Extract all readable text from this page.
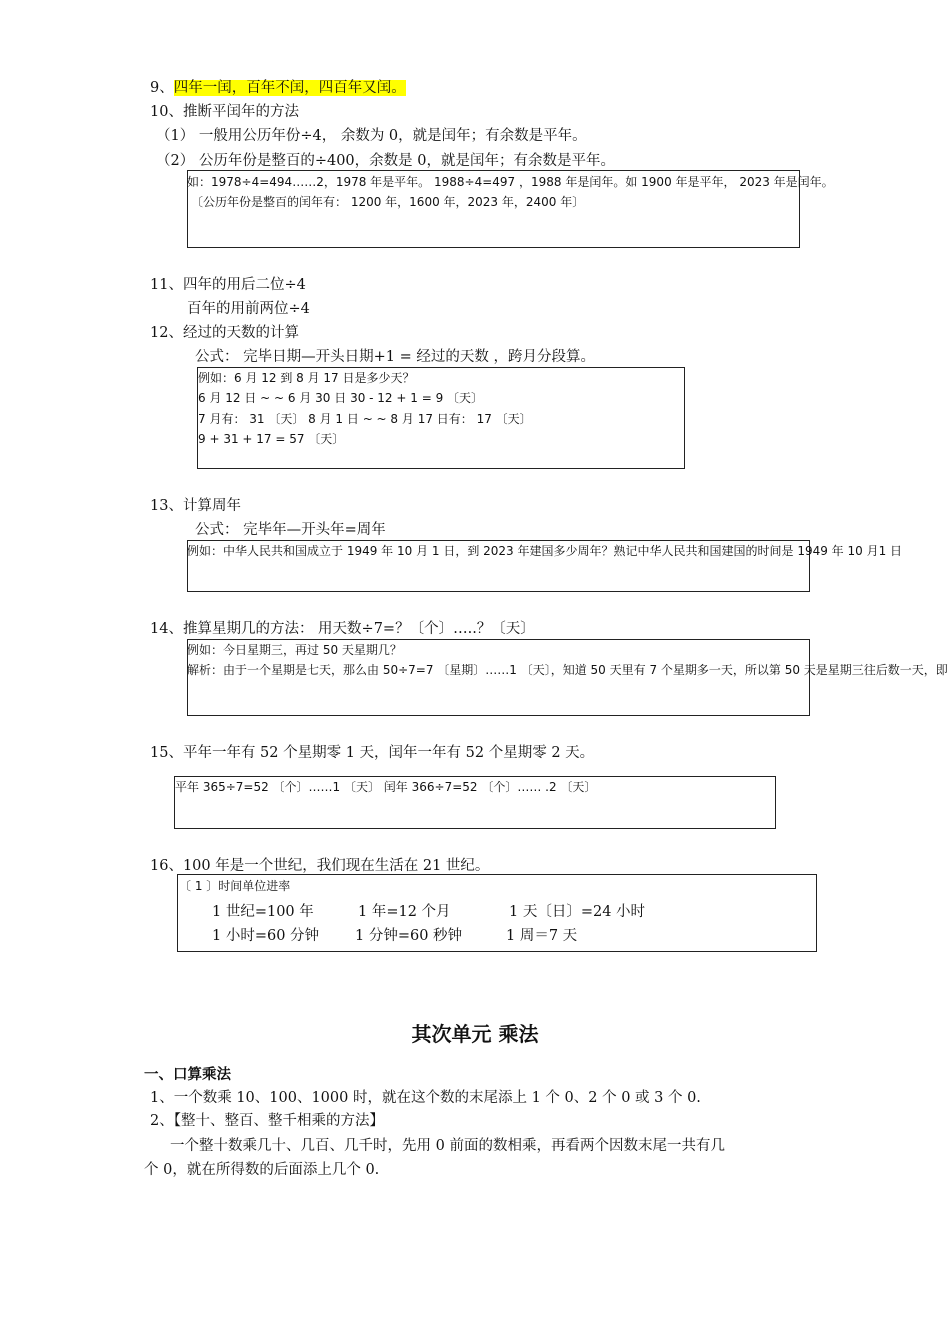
9、四年一闰，百年不闰，四百年又闰。
10、推断平闰年的方法
（1） 一般用公历年份÷4， 余数为 0，就是闰年；有余数是平年。
（2） 公历年份是整百的÷400，余数是 0，就是闰年；有余数是平年。
如：1978÷4=494……2，1978 年是平年。 1988÷4=497 ，1988 年是闰年。如 1900 年是平年， 2023 年是闰年。
〔公历年份是整百的闰年有： 1200 年，1600 年，2023 年，2400 年〕
11、四年的用后二位÷4
百年的用前两位÷4
12、经过的天数的计算
公式： 完毕日期—开头日期+1 = 经过的天数 ，跨月分段算。
例如：6 月 12 到 8 月 17 日是多少天？
6 月 12 日 ~ ~ 6 月 30 日 30 - 12 + 1 = 9 〔天〕
7 月有： 31 〔天〕 8 月 1 日 ~ ~ 8 月 17 日有： 17 〔天〕
9 + 31 + 17 = 57 〔天〕
13、计算周年
公式： 完毕年—开头年=周年
例如：中华人民共和国成立于 1949 年 10 月 1 日，到 2023 年建国多少周年？熟记中华人民共和国建国的时间是 1949 年 10 月1 日
14、推算星期几的方法： 用天数÷7=？〔个〕…..？〔天〕
例如：今日星期三，再过 50 天星期几？
解析：由于一个星期是七天，那么由 50÷7=7 〔星期〕……1 〔天〕，知道 50 天里有 7 个星期多一天，所以第 50 天是星期三往后数一天，即
15、平年一年有 52 个星期零 1 天，闰年一年有 52 个星期零 2 天。
平年 365÷7=52 〔个〕……1 〔天〕 闰年 366÷7=52 〔个〕…… .2 〔天〕
16、100 年是一个世纪，我们现在生活在 21 世纪。
〔 1 〕时间单位进率
1 世纪=100 年	1 年=12 个月	1 天〔日〕=24 小时
1 小时=60 分钟 1 分钟=60 秒钟	1 周＝7 天
其次单元 乘法
一、口算乘法
1、一个数乘 10、100、1000 时，就在这个数的末尾添上 1 个 0、2 个 0 或 3 个 0.
2、【整十、整百、整千相乘的方法】
一个整十数乘几十、几百、几千时，先用 0 前面的数相乘，再看两个因数末尾一共有几
个 0，就在所得数的后面添上几个 0.
